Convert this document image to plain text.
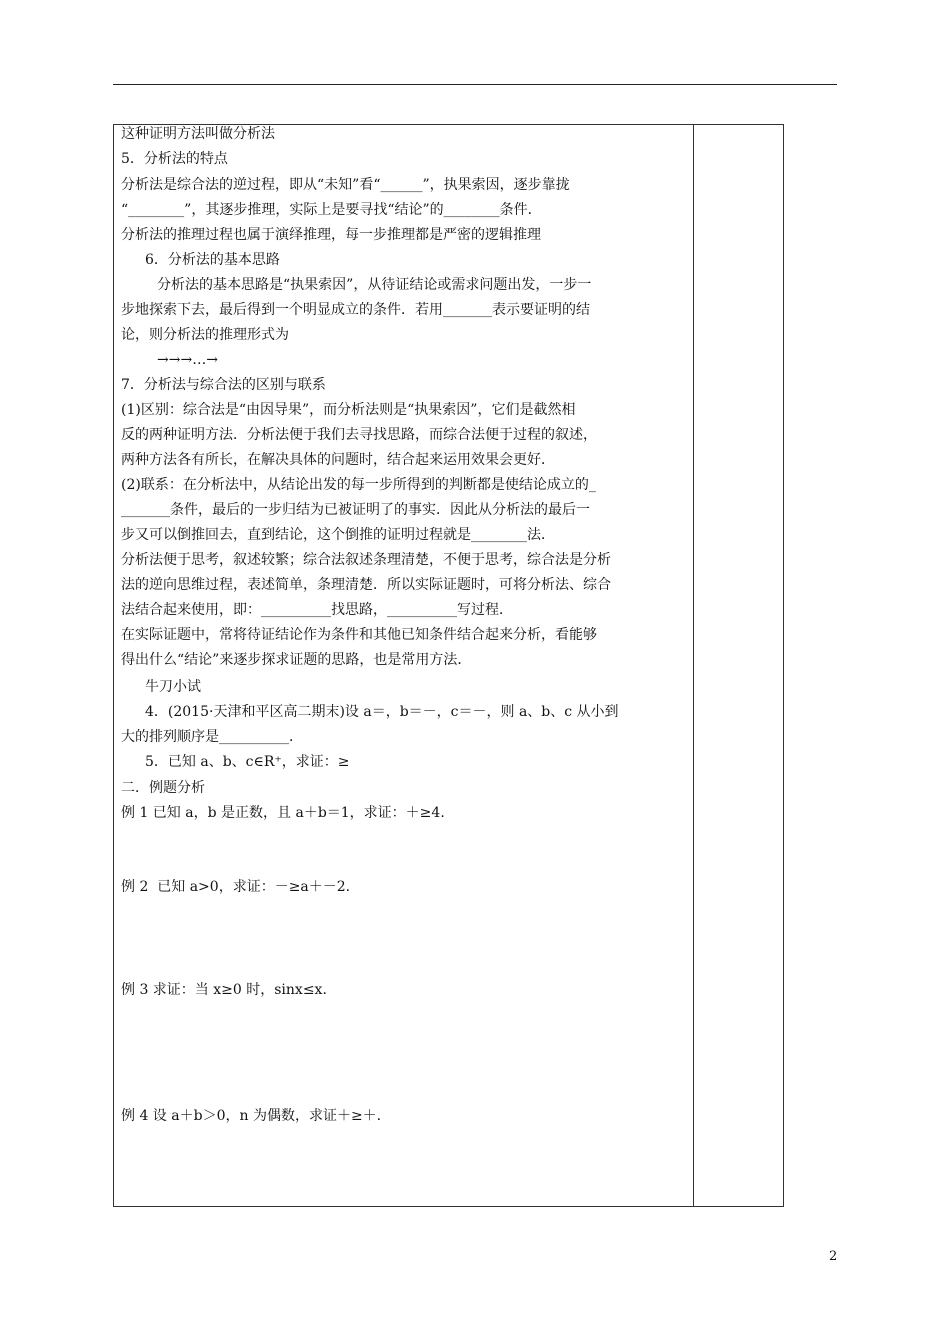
这种证明方法叫做分析法
5．分析法的特点
分析法是综合法的逆过程，即从“未知”看“______”，执果索因，逐步靠拢
“________”，其逐步推理，实际上是要寻找“结论”的________条件．
分析法的推理过程也属于演绎推理，每一步推理都是严密的逻辑推理
6．分析法的基本思路
分析法的基本思路是“执果索因”，从待证结论或需求问题出发，一步一
步地探索下去，最后得到一个明显成立的条件．若用_______表示要证明的结
论，则分析法的推理形式为
→→→…→
7．分析法与综合法的区别与联系
(1)区别：综合法是“由因导果”，而分析法则是“执果索因”，它们是截然相
反的两种证明方法．分析法便于我们去寻找思路，而综合法便于过程的叙述，
两种方法各有所长，在解决具体的问题时，结合起来运用效果会更好．
(2)联系：在分析法中，从结论出发的每一步所得到的判断都是使结论成立的_
_______条件，最后的一步归结为已被证明了的事实．因此从分析法的最后一
步又可以倒推回去，直到结论，这个倒推的证明过程就是________法．
分析法便于思考，叙述较繁；综合法叙述条理清楚，不便于思考，综合法是分析
法的逆向思维过程，表述简单，条理清楚．所以实际证题时，可将分析法、综合
法结合起来使用，即：__________找思路，__________写过程．
在实际证题中，常将待证结论作为条件和其他已知条件结合起来分析，看能够
得出什么“结论”来逐步探求证题的思路，也是常用方法．
牛刀小试
4．(2015·天津和平区高二期末)设 a＝，b＝－，c＝－，则 a、b、c 从小到
大的排列顺序是__________．
5．已知 a、b、c∈R⁺，求证：≥
二．例题分析
例 1 已知 a，b 是正数，且 a＋b＝1，求证：＋≥4.
例 2  已知 a>0，求证：－≥a＋－2.
例 3 求证：当 x≥0 时，sinx≤x.
例 4 设 a＋b＞0，n 为偶数，求证＋≥＋.
2
